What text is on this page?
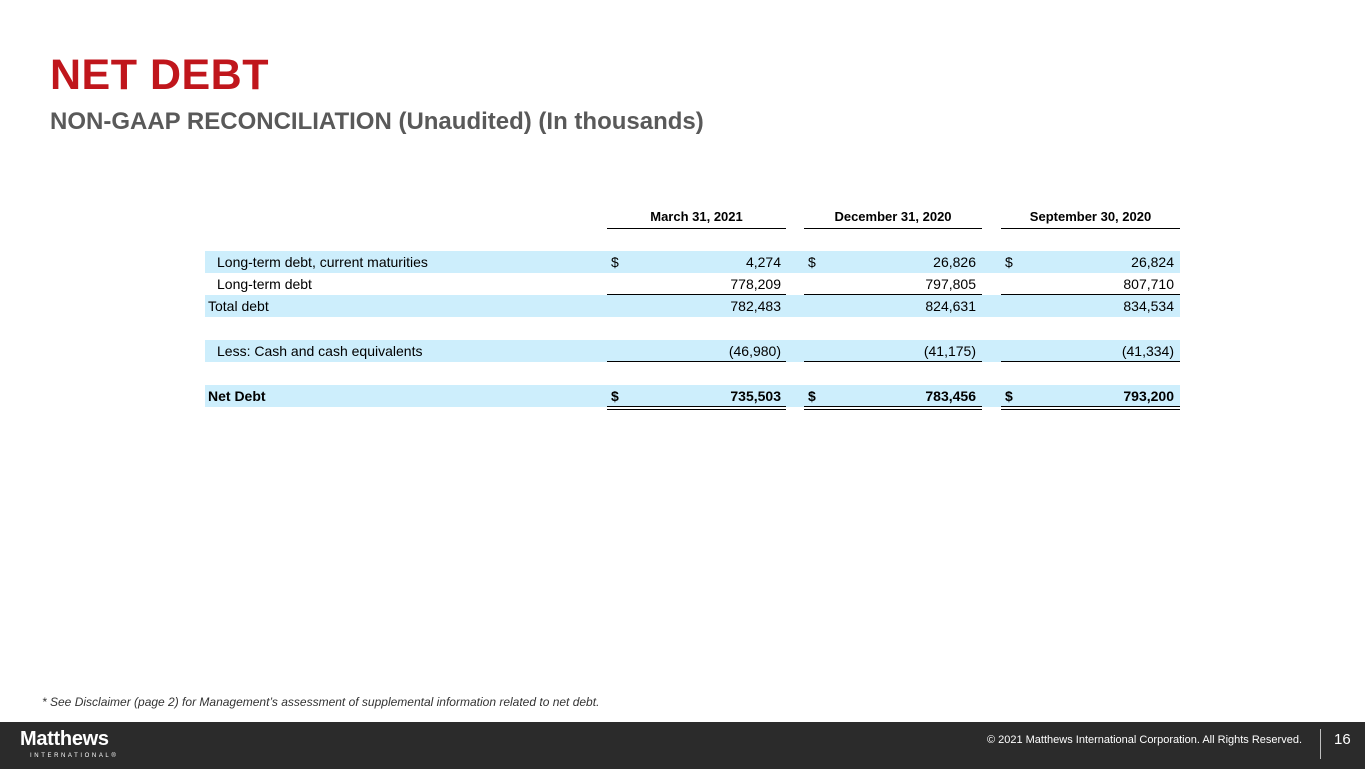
NET DEBT
NON-GAAP RECONCILIATION (Unaudited) (In thousands)
March 31, 2021	December 31, 2020	September 30, 2020
Long-term debt, current maturities	$	4,274 $	26,826 $	26,824
Long-term debt	778,209	797,805	807,710
Total debt	782,483	824,631	834,534
Less: Cash and cash equivalents	(46,980)	(41,175)	(41,334)
Net Debt	$	735,503 $	783,456 $	793,200
* See Disclaimer (page 2) for Management’s assessment of supplemental information related to net debt.
Matthews
INTERNATIONAL®
© 2021 Matthews International Corporation. All Rights Reserved. 16
